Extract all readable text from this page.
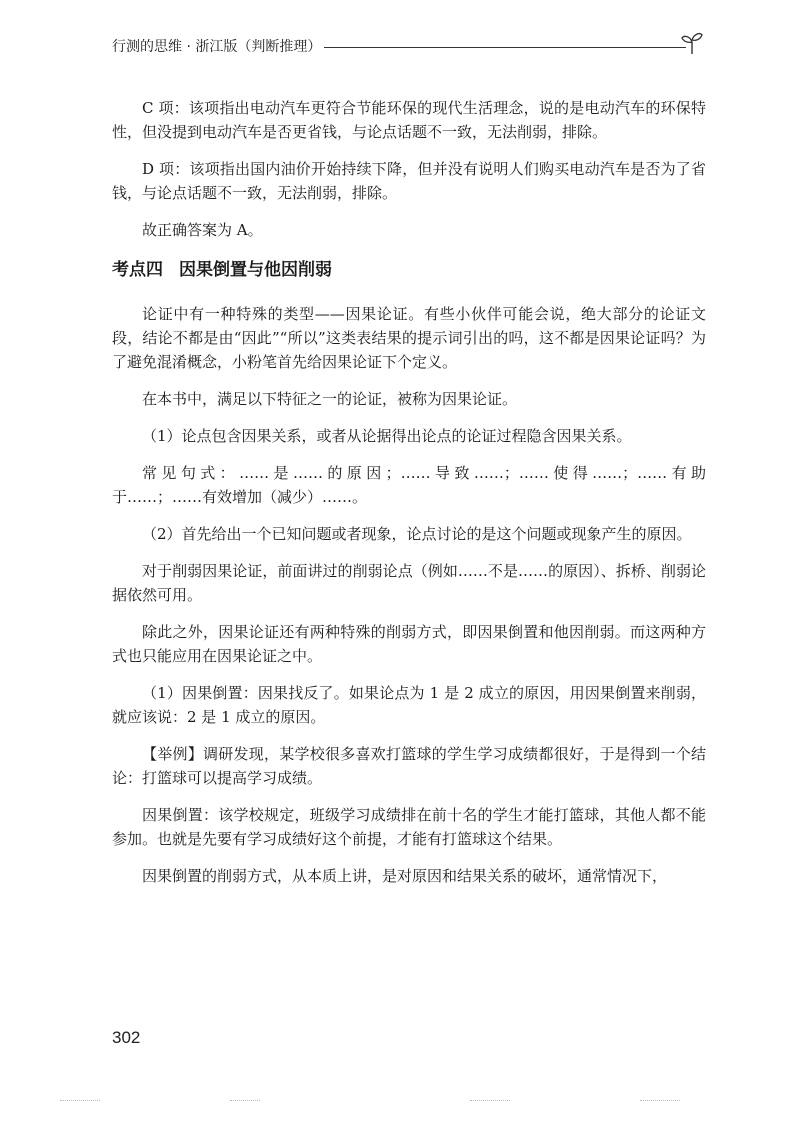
行测的思维 · 浙江版（判断推理）

C 项：该项指出电动汽车更符合节能环保的现代生活理念，说的是电动汽车的环保特性，但没提到电动汽车是否更省钱，与论点话题不一致，无法削弱，排除。

D 项：该项指出国内油价开始持续下降，但并没有说明人们购买电动汽车是否为了省钱，与论点话题不一致，无法削弱，排除。

故正确答案为 A。

考点四 因果倒置与他因削弱

论证中有一种特殊的类型——因果论证。有些小伙伴可能会说，绝大部分的论证文段，结论不都是由“因此”“所以”这类表结果的提示词引出的吗，这不都是因果论证吗？为了避免混淆概念，小粉笔首先给因果论证下个定义。

在本书中，满足以下特征之一的论证，被称为因果论证。

（1）论点包含因果关系，或者从论据得出论点的论证过程隐含因果关系。

常见句式：……是……的原因；……导致……；……使得……；……有助于……；……有效增加（减少）……。

（2）首先给出一个已知问题或者现象，论点讨论的是这个问题或现象产生的原因。

对于削弱因果论证，前面讲过的削弱论点（例如……不是……的原因）、拆桥、削弱论据依然可用。

除此之外，因果论证还有两种特殊的削弱方式，即因果倒置和他因削弱。而这两种方式也只能应用在因果论证之中。

（1）因果倒置：因果找反了。如果论点为 1 是 2 成立的原因，用因果倒置来削弱，就应该说：2 是 1 成立的原因。

【举例】调研发现，某学校很多喜欢打篮球的学生学习成绩都很好，于是得到一个结论：打篮球可以提高学习成绩。

因果倒置：该学校规定，班级学习成绩排在前十名的学生才能打篮球，其他人都不能参加。也就是先要有学习成绩好这个前提，才能有打篮球这个结果。

因果倒置的削弱方式，从本质上讲，是对原因和结果关系的破坏，通常情况下，

302
